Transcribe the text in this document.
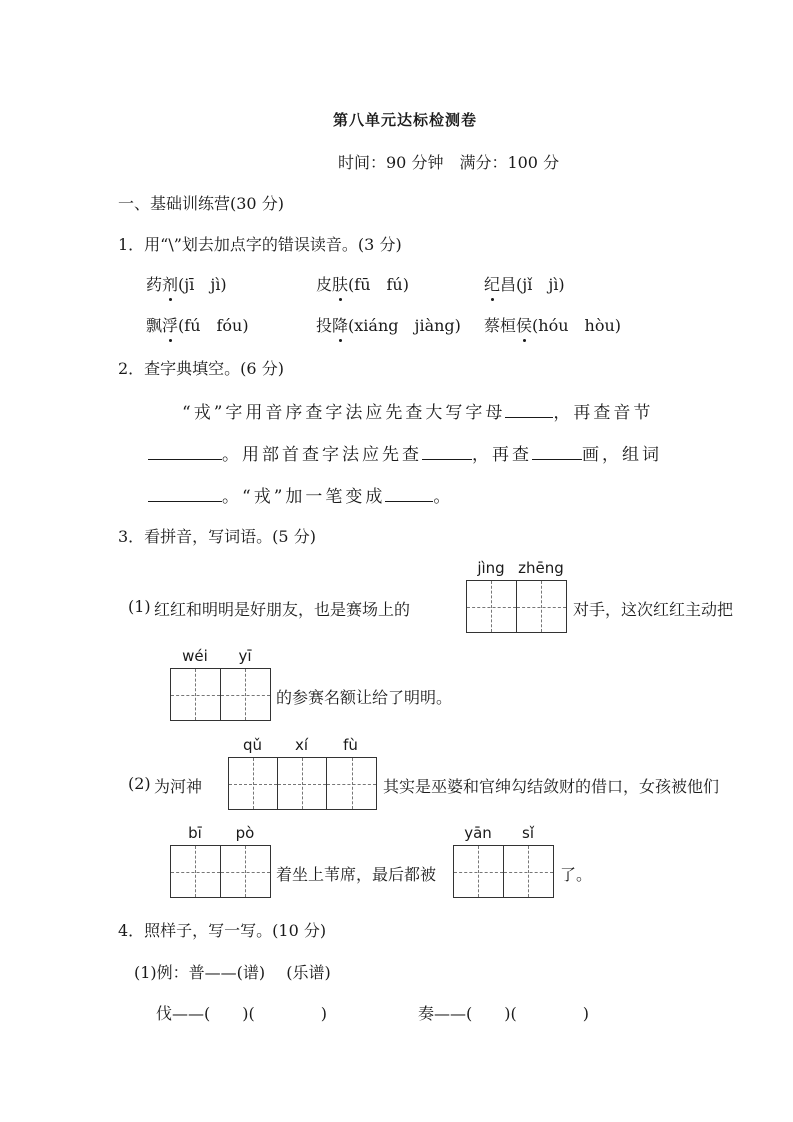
第八单元达标检测卷
时间：90 分钟　满分：100 分
一、基础训练营(30 分)
1．用“\”划去加点字的错误读音。(3 分)
药剂(jī　jì)	皮肤(fū　fú)	纪昌(jǐ　jì)
飘浮(fú　fóu)	投降(xiáng　jiàng) 蔡桓侯(hóu　hòu)
2．查字典填空。(6 分)
“戎”字用音序查字法应先查大写字母	，再查音节
。用部首查字法应先查	，再查	画，组词
。“戎”加一笔变成	。
3．看拼音，写词语。(5 分)
(1) 红红和明明是好朋友，也是赛场上的
jìng zhēng
对手，这次红红主动把
wéi	yī
的参赛名额让给了明明。
(2) 为河神
qǔ	xí	fù
其实是巫婆和官绅勾结敛财的借口，女孩被他们
bī	pò
着坐上苇席，最后都被
yān	sǐ
了。
4．照样子，写一写。(10 分)
(1)例：普——(谱)　 (乐谱)
伐——(　　)(	)	奏——(　　)(	)
